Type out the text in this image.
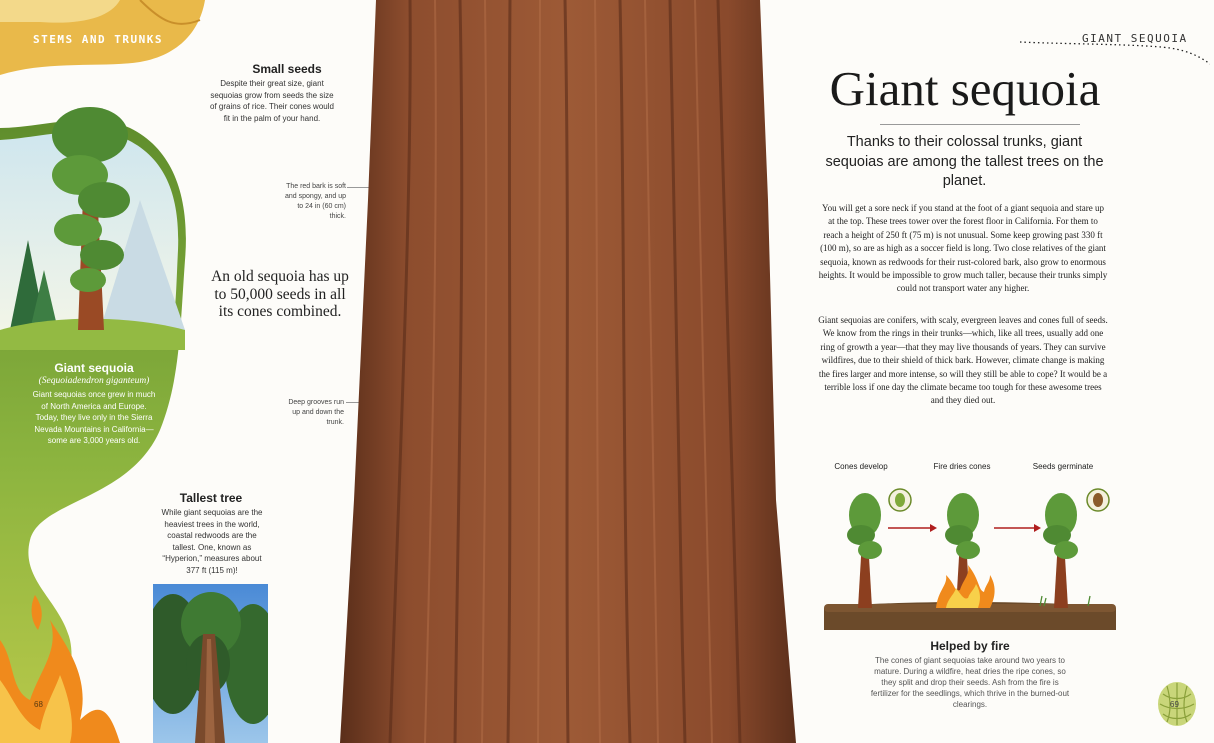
STEMS AND TRUNKS
Giant sequoia
(Sequoiadendron giganteum)
Giant sequoias once grew in much of North America and Europe. Today, they live only in the Sierra Nevada Mountains in California—some are 3,000 years old.
68
Small seeds
Despite their great size, giant sequoias grow from seeds the size of grains of rice. Their cones would fit in the palm of your hand.
The red bark is soft and spongy, and up to 24 in (60 cm) thick.
An old sequoia has up to 50,000 seeds in all its cones combined.
Deep grooves run up and down the trunk.
Tallest tree
While giant sequoias are the heaviest trees in the world, coastal redwoods are the tallest. One, known as “Hyperion,” measures about 377 ft (115 m)!
GIANT SEQUOIA
Giant sequoia
Thanks to their colossal trunks, giant sequoias are among the tallest trees on the planet.
You will get a sore neck if you stand at the foot of a giant sequoia and stare up at the top. These trees tower over the forest floor in California. For them to reach a height of 250 ft (75 m) is not unusual. Some keep growing past 330 ft (100 m), so are as high as a soccer field is long. Two close relatives of the giant sequoia, known as redwoods for their rust-colored bark, also grow to enormous heights. It would be impossible to grow much taller, because their trunks simply could not transport water any higher.
Giant sequoias are conifers, with scaly, evergreen leaves and cones full of seeds. We know from the rings in their trunks—which, like all trees, usually add one ring of growth a year—that they may live thousands of years. They can survive wildfires, due to their shield of thick bark. However, climate change is making the fires larger and more intense, so will they still be able to cope? It would be a terrible loss if one day the climate became too tough for these awesome trees and they died out.
Cones develop	Fire dries cones	Seeds germinate
Helped by fire
The cones of giant sequoias take around two years to mature. During a wildfire, heat dries the ripe cones, so they split and drop their seeds. Ash from the fire is fertilizer for the seedlings, which thrive in the burned-out clearings.	69
